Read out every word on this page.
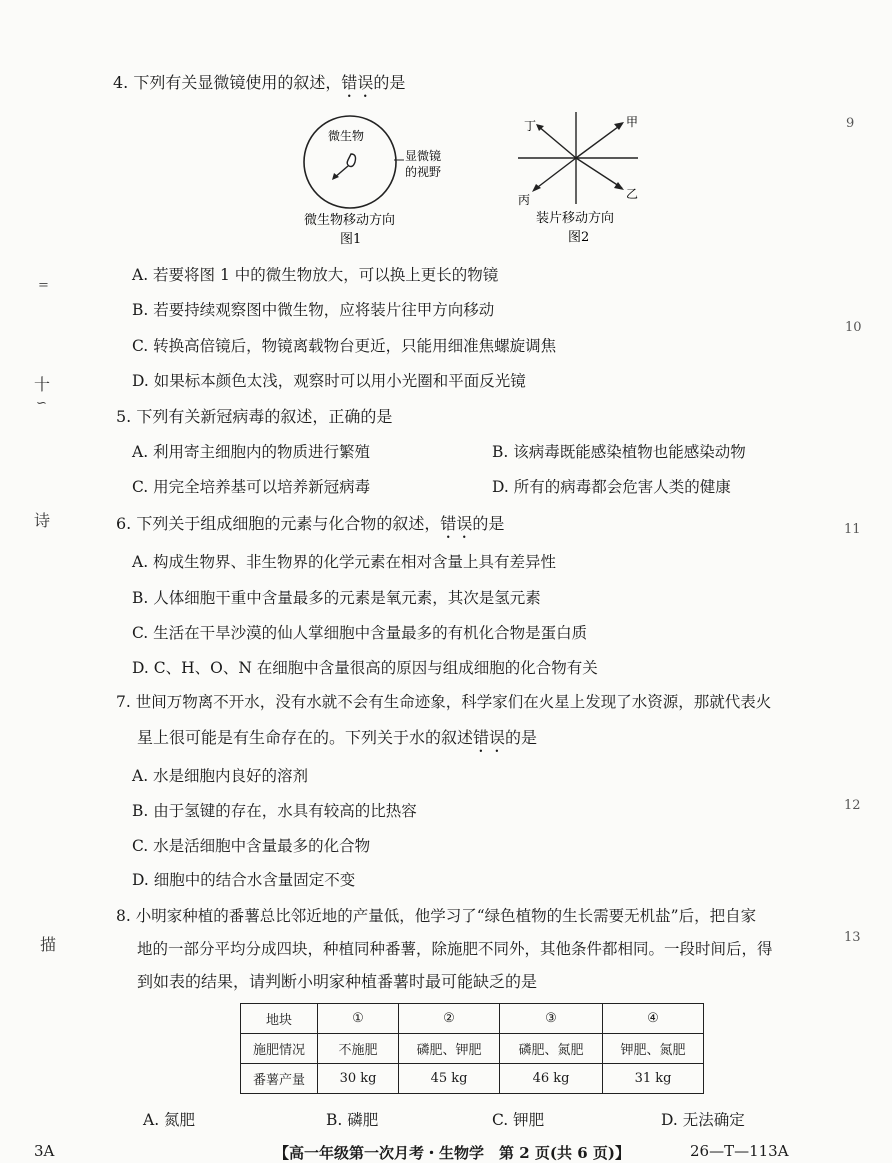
=
十
∽
诗
描
9
10
11
12
13
4. 下列有关显微镜使用的叙述，错误的是
微生物
显微镜
的视野
微生物移动方向
图1
甲
乙
丙
丁
装片移动方向
图2
A. 若要将图 1 中的微生物放大，可以换上更长的物镜
B. 若要持续观察图中微生物，应将装片往甲方向移动
C. 转换高倍镜后，物镜离载物台更近，只能用细准焦螺旋调焦
D. 如果标本颜色太浅，观察时可以用小光圈和平面反光镜
5. 下列有关新冠病毒的叙述，正确的是
A. 利用寄主细胞内的物质进行繁殖	B. 该病毒既能感染植物也能感染动物
C. 用完全培养基可以培养新冠病毒	D. 所有的病毒都会危害人类的健康
6. 下列关于组成细胞的元素与化合物的叙述，错误的是
A. 构成生物界、非生物界的化学元素在相对含量上具有差异性
B. 人体细胞干重中含量最多的元素是氧元素，其次是氢元素
C. 生活在干旱沙漠的仙人掌细胞中含量最多的有机化合物是蛋白质
D. C、H、O、N 在细胞中含量很高的原因与组成细胞的化合物有关
7. 世间万物离不开水，没有水就不会有生命迹象，科学家们在火星上发现了水资源，那就代表火
星上很可能是有生命存在的。下列关于水的叙述错误的是
A. 水是细胞内良好的溶剂
B. 由于氢键的存在，水具有较高的比热容
C. 水是活细胞中含量最多的化合物
D. 细胞中的结合水含量固定不变
8. 小明家种植的番薯总比邻近地的产量低，他学习了“绿色植物的生长需要无机盐”后，把自家
地的一部分平均分成四块，种植同种番薯，除施肥不同外，其他条件都相同。一段时间后，得
到如表的结果，请判断小明家种植番薯时最可能缺乏的是
地块	①	②	③	④
施肥情况	不施肥	磷肥、钾肥	磷肥、氮肥	钾肥、氮肥
番薯产量	30 kg	45 kg	46 kg	31 kg
A. 氮肥	B. 磷肥	C. 钾肥	D. 无法确定
3A	【高一年级第一次月考・生物学　第 2 页(共 6 页)】	26—T—113A
